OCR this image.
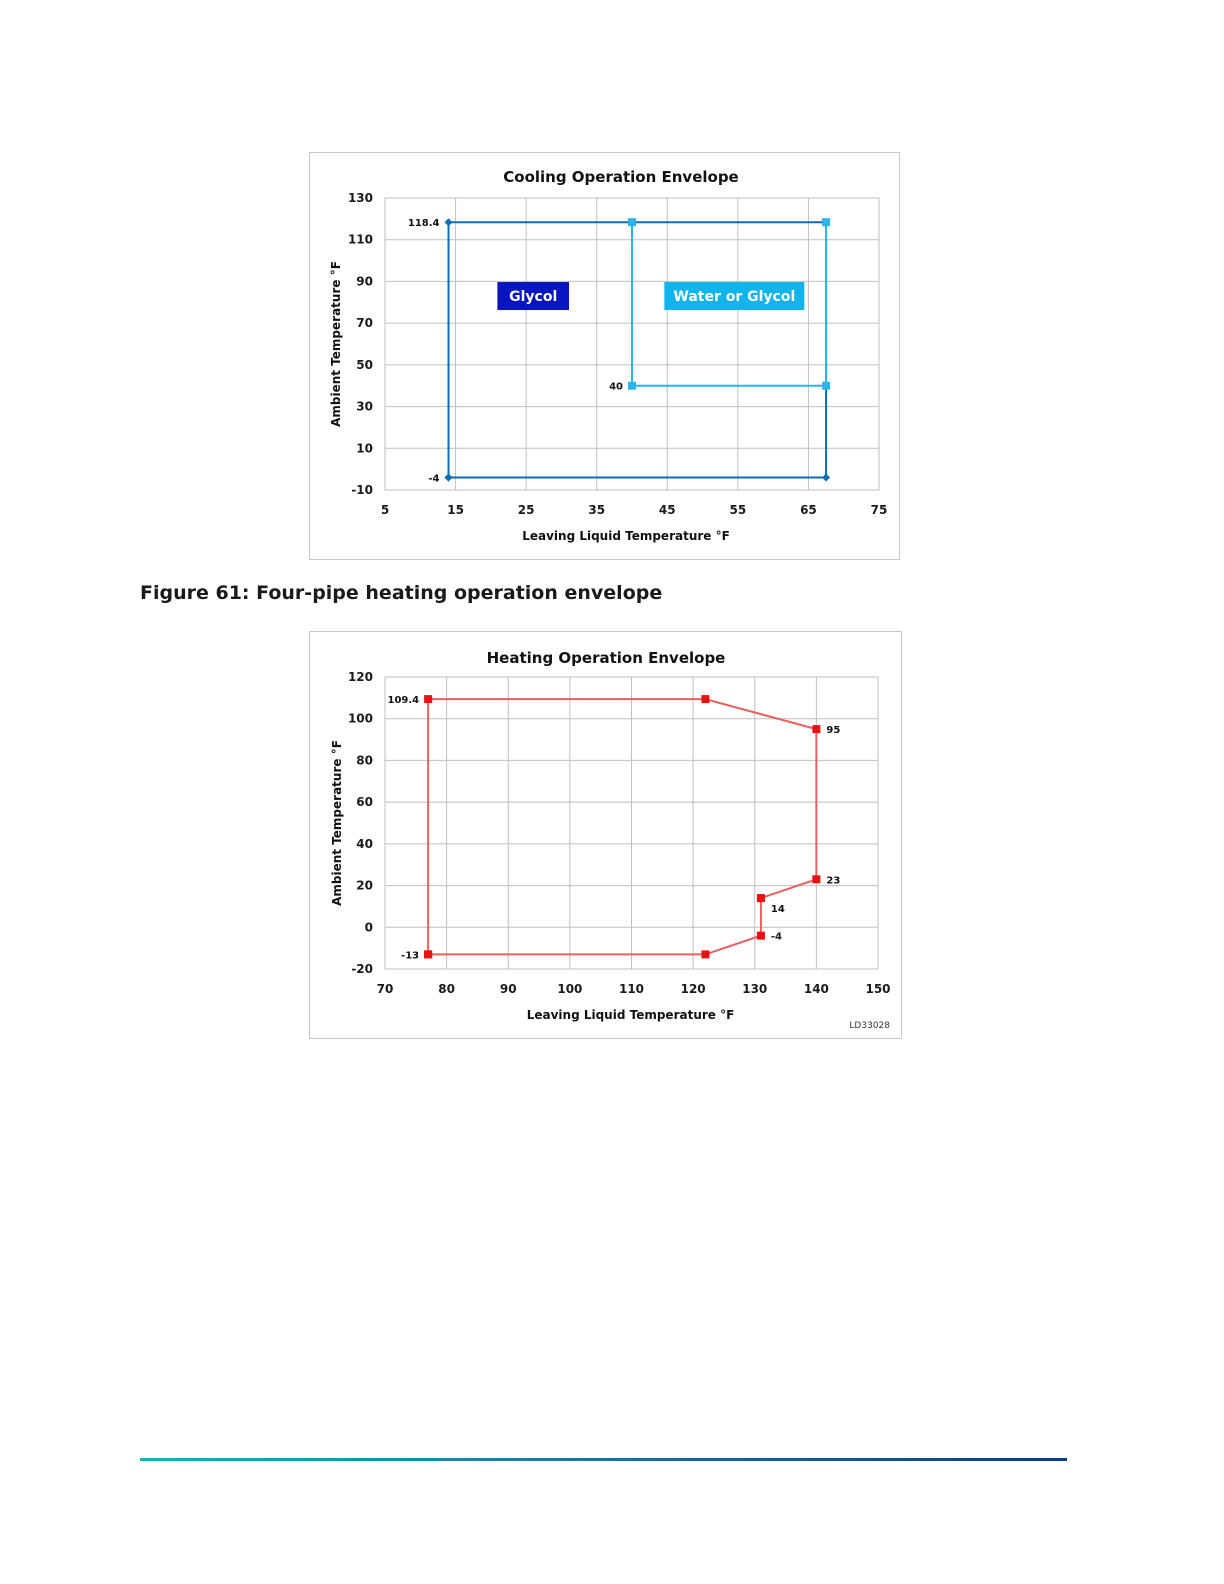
-10
10
30
50
70
90
110
130
5	15	25	35	45	55	65	75
Cooling Operation Envelope
Leaving Liquid Temperature °F
Ambient Temperature °F	Glycol	Water or Glycol
118.4
-4
40
Figure 61: Four-pipe heating operation envelope
-20
0
20
40
60
80
100
120
70	80	90	100	110	120	130	140	150
Heating Operation Envelope
Leaving Liquid Temperature °F
Ambient Temperature °F
109.4
-13
95
23
14
-4
LD33028
